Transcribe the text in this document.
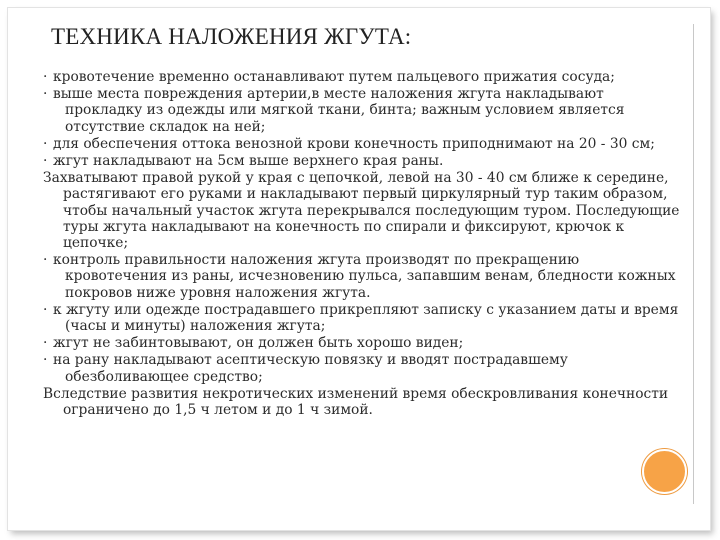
ТЕХНИКА НАЛОЖЕНИЯ ЖГУТА:
· кровотечение временно останавливают путем пальцевого прижатия сосуда;
· выше места повреждения артерии,в месте наложения жгута накладывают прокладку из одежды или мягкой ткани, бинта; важным условием является отсутствие складок на ней;
· для обеспечения оттока венозной крови конечность приподнимают на 20 - 30 см;
· жгут накладывают на 5см выше верхнего края раны.
Захватывают правой рукой у края с цепочкой, левой на 30 - 40 см ближе к середине, растягивают его руками и накладывают первый циркулярный тур таким образом, чтобы начальный участок жгута перекрывался последующим туром. Последующие туры жгута накладывают на конечность по спирали и фиксируют, крючок к цепочке;
· контроль правильности наложения жгута производят по прекращению кровотечения из раны, исчезновению пульса, запавшим венам, бледности кожных покровов ниже уровня наложения жгута.
· к жгуту или одежде пострадавшего прикрепляют записку с указанием даты и время (часы и минуты) наложения жгута;
· жгут не забинтовывают, он должен быть хорошо виден;
· на рану накладывают асептическую повязку и вводят пострадавшему обезболивающее средство;
Вследствие развития некротических изменений время обескровливания конечности ограничено до 1,5 ч летом и до 1 ч зимой.
